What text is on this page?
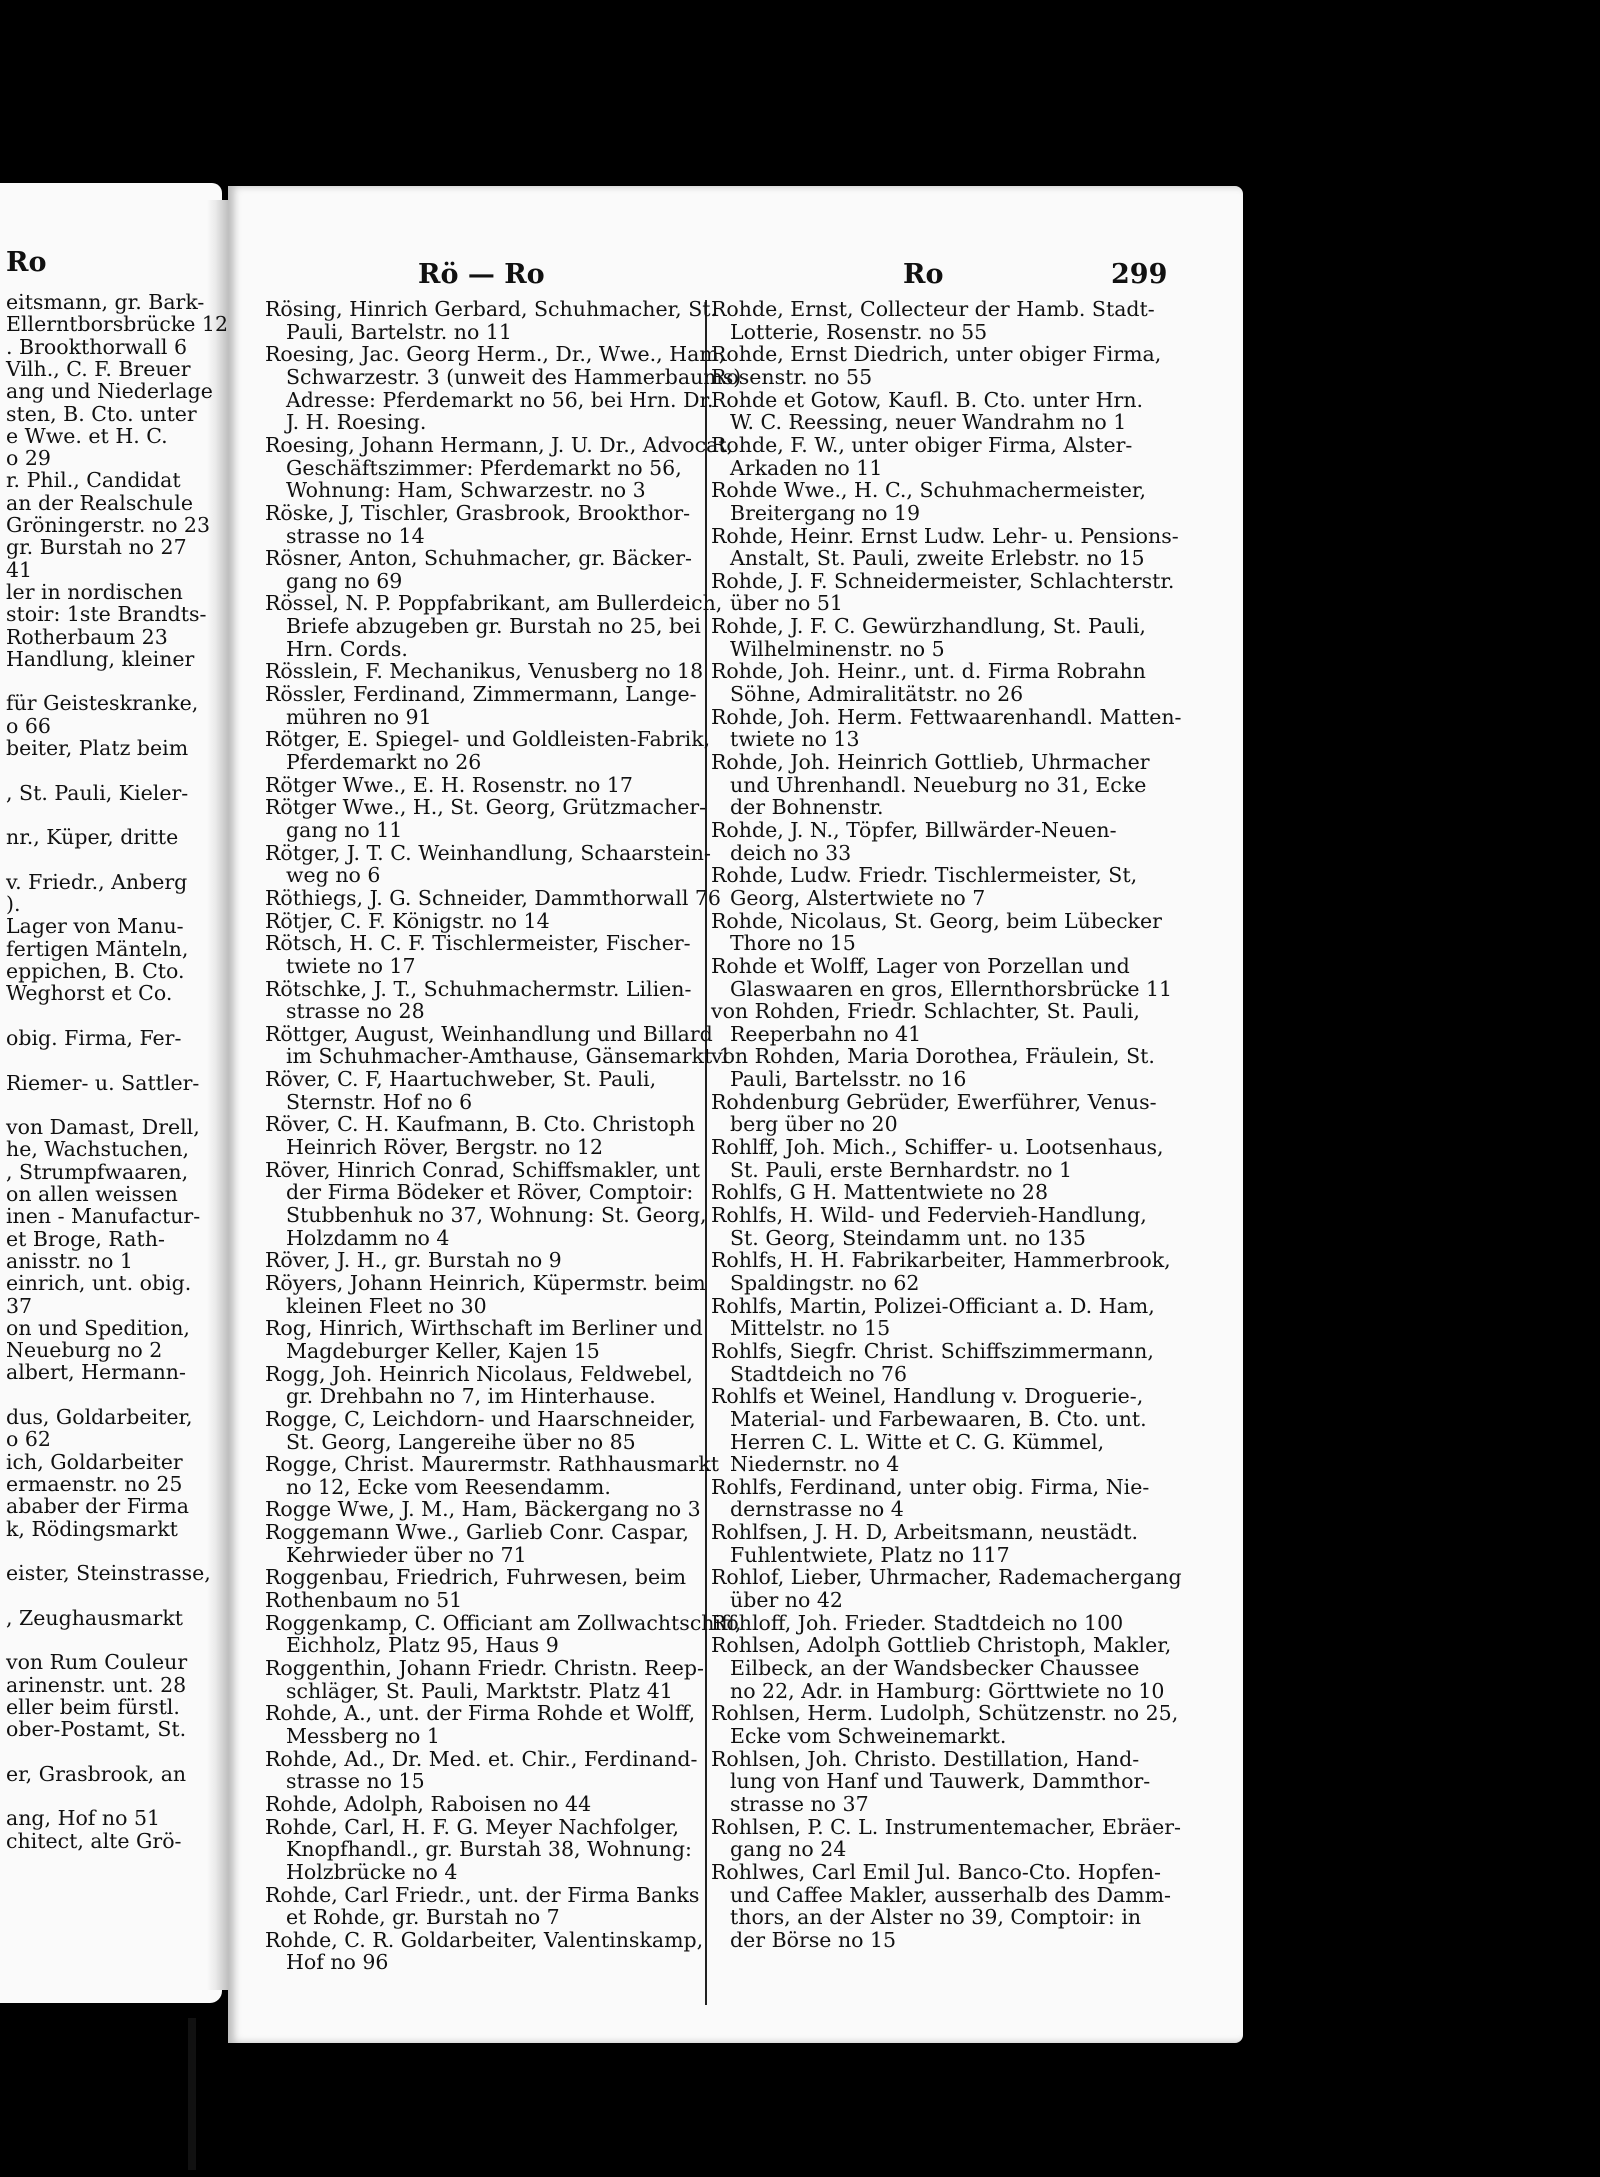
Ro	Rö — Ro	Ro	299

eitsmann, gr. Bark-

Ellerntborsbrücke 12

. Brookthorwall 6

Vilh., C. F. Breuer

ang und Niederlage

sten, B. Cto. unter

e Wwe. et H. C.

o 29

r. Phil., Candidat

an der Realschule

Gröningerstr. no 23

gr. Burstah no 27

41

ler in nordischen

stoir: 1ste Brandts-

Rotherbaum 23

Handlung, kleiner

für Geisteskranke,

o 66

beiter, Platz beim

, St. Pauli, Kieler-

nr., Küper, dritte

v. Friedr., Anberg

).

Lager von Manu-

fertigen Mänteln,

eppichen, B. Cto.

Weghorst et Co.

obig. Firma, Fer-

Riemer- u. Sattler-

von Damast, Drell,

he, Wachstuchen,

, Strumpfwaaren,

on allen weissen

inen - Manufactur-

et Broge, Rath-

anisstr. no 1

einrich, unt. obig.

37

on und Spedition,

Neueburg no 2

albert, Hermann-

dus, Goldarbeiter,

o 62

ich, Goldarbeiter

ermaenstr. no 25

ababer der Firma

k, Rödingsmarkt

eister, Steinstrasse,

, Zeughausmarkt

von Rum Couleur

arinenstr. unt. 28

eller beim fürstl.

ober-Postamt, St.

er, Grasbrook, an

ang, Hof no 51

chitect, alte Grö-

Rösing, Hinrich Gerbard, Schuhmacher, St.

Pauli, Bartelstr. no 11

Roesing, Jac. Georg Herm., Dr., Wwe., Ham,

Schwarzestr. 3 (unweit des Hammerbaums)

Adresse: Pferdemarkt no 56, bei Hrn. Dr.

J. H. Roesing.

Roesing, Johann Hermann, J. U. Dr., Advocat,

Geschäftszimmer: Pferdemarkt no 56,

Wohnung: Ham, Schwarzestr. no 3

Röske, J, Tischler, Grasbrook, Brookthor-

strasse no 14

Rösner, Anton, Schuhmacher, gr. Bäcker-

gang no 69

Rössel, N. P. Poppfabrikant, am Bullerdeich,

Briefe abzugeben gr. Burstah no 25, bei

Hrn. Cords.

Rösslein, F. Mechanikus, Venusberg no 18

Rössler, Ferdinand, Zimmermann, Lange-

mühren no 91

Rötger, E. Spiegel- und Goldleisten-Fabrik,

Pferdemarkt no 26

Rötger Wwe., E. H. Rosenstr. no 17

Rötger Wwe., H., St. Georg, Grützmacher-

gang no 11

Rötger, J. T. C. Weinhandlung, Schaarstein-

weg no 6

Röthiegs, J. G. Schneider, Dammthorwall 76

Rötjer, C. F. Königstr. no 14

Rötsch, H. C. F. Tischlermeister, Fischer-

twiete no 17

Rötschke, J. T., Schuhmachermstr. Lilien-

strasse no 28

Röttger, August, Weinhandlung und Billard

im Schuhmacher-Amthause, Gänsemarkt 1

Röver, C. F, Haartuchweber, St. Pauli,

Sternstr. Hof no 6

Röver, C. H. Kaufmann, B. Cto. Christoph

Heinrich Röver, Bergstr. no 12

Röver, Hinrich Conrad, Schiffsmakler, unt

der Firma Bödeker et Röver, Comptoir:

Stubbenhuk no 37, Wohnung: St. Georg,

Holzdamm no 4

Röver, J. H., gr. Burstah no 9

Röyers, Johann Heinrich, Küpermstr. beim

kleinen Fleet no 30

Rog, Hinrich, Wirthschaft im Berliner und

Magdeburger Keller, Kajen 15

Rogg, Joh. Heinrich Nicolaus, Feldwebel,

gr. Drehbahn no 7, im Hinterhause.

Rogge, C, Leichdorn- und Haarschneider,

St. Georg, Langereihe über no 85

Rogge, Christ. Maurermstr. Rathhausmarkt

no 12, Ecke vom Reesendamm.

Rogge Wwe, J. M., Ham, Bäckergang no 3

Roggemann Wwe., Garlieb Conr. Caspar,

Kehrwieder über no 71

Roggenbau, Friedrich, Fuhrwesen, beim

Rothenbaum no 51

Roggenkamp, C. Officiant am Zollwachtschiff,

Eichholz, Platz 95, Haus 9

Roggenthin, Johann Friedr. Christn. Reep-

schläger, St. Pauli, Marktstr. Platz 41

Rohde, A., unt. der Firma Rohde et Wolff,

Messberg no 1

Rohde, Ad., Dr. Med. et. Chir., Ferdinand-

strasse no 15

Rohde, Adolph, Raboisen no 44

Rohde, Carl, H. F. G. Meyer Nachfolger,

Knopfhandl., gr. Burstah 38, Wohnung:

Holzbrücke no 4

Rohde, Carl Friedr., unt. der Firma Banks

et Rohde, gr. Burstah no 7

Rohde, C. R. Goldarbeiter, Valentinskamp,

Hof no 96

Rohde, Ernst, Collecteur der Hamb. Stadt-

Lotterie, Rosenstr. no 55

Rohde, Ernst Diedrich, unter obiger Firma,

Rosenstr. no 55

Rohde et Gotow, Kaufl. B. Cto. unter Hrn.

W. C. Reessing, neuer Wandrahm no 1

Rohde, F. W., unter obiger Firma, Alster-

Arkaden no 11

Rohde Wwe., H. C., Schuhmachermeister,

Breitergang no 19

Rohde, Heinr. Ernst Ludw. Lehr- u. Pensions-

Anstalt, St. Pauli, zweite Erlebstr. no 15

Rohde, J. F. Schneidermeister, Schlachterstr.

über no 51

Rohde, J. F. C. Gewürzhandlung, St. Pauli,

Wilhelminenstr. no 5

Rohde, Joh. Heinr., unt. d. Firma Robrahn

Söhne, Admiralitätstr. no 26

Rohde, Joh. Herm. Fettwaarenhandl. Matten-

twiete no 13

Rohde, Joh. Heinrich Gottlieb, Uhrmacher

und Uhrenhandl. Neueburg no 31, Ecke

der Bohnenstr.

Rohde, J. N., Töpfer, Billwärder-Neuen-

deich no 33

Rohde, Ludw. Friedr. Tischlermeister, St,

Georg, Alstertwiete no 7

Rohde, Nicolaus, St. Georg, beim Lübecker

Thore no 15

Rohde et Wolff, Lager von Porzellan und

Glaswaaren en gros, Ellernthorsbrücke 11

von Rohden, Friedr. Schlachter, St. Pauli,

Reeperbahn no 41

von Rohden, Maria Dorothea, Fräulein, St.

Pauli, Bartelsstr. no 16

Rohdenburg Gebrüder, Ewerführer, Venus-

berg über no 20

Rohlff, Joh. Mich., Schiffer- u. Lootsenhaus,

St. Pauli, erste Bernhardstr. no 1

Rohlfs, G H. Mattentwiete no 28

Rohlfs, H. Wild- und Federvieh-Handlung,

St. Georg, Steindamm unt. no 135

Rohlfs, H. H. Fabrikarbeiter, Hammerbrook,

Spaldingstr. no 62

Rohlfs, Martin, Polizei-Officiant a. D. Ham,

Mittelstr. no 15

Rohlfs, Siegfr. Christ. Schiffszimmermann,

Stadtdeich no 76

Rohlfs et Weinel, Handlung v. Droguerie-,

Material- und Farbewaaren, B. Cto. unt.

Herren C. L. Witte et C. G. Kümmel,

Niedernstr. no 4

Rohlfs, Ferdinand, unter obig. Firma, Nie-

dernstrasse no 4

Rohlfsen, J. H. D, Arbeitsmann, neustädt.

Fuhlentwiete, Platz no 117

Rohlof, Lieber, Uhrmacher, Rademachergang

über no 42

Rohloff, Joh. Frieder. Stadtdeich no 100

Rohlsen, Adolph Gottlieb Christoph, Makler,

Eilbeck, an der Wandsbecker Chaussee

no 22, Adr. in Hamburg: Görttwiete no 10

Rohlsen, Herm. Ludolph, Schützenstr. no 25,

Ecke vom Schweinemarkt.

Rohlsen, Joh. Christo. Destillation, Hand-

lung von Hanf und Tauwerk, Dammthor-

strasse no 37

Rohlsen, P. C. L. Instrumentemacher, Ebräer-

gang no 24

Rohlwes, Carl Emil Jul. Banco-Cto. Hopfen-

und Caffee Makler, ausserhalb des Damm-

thors, an der Alster no 39, Comptoir: in

der Börse no 15
